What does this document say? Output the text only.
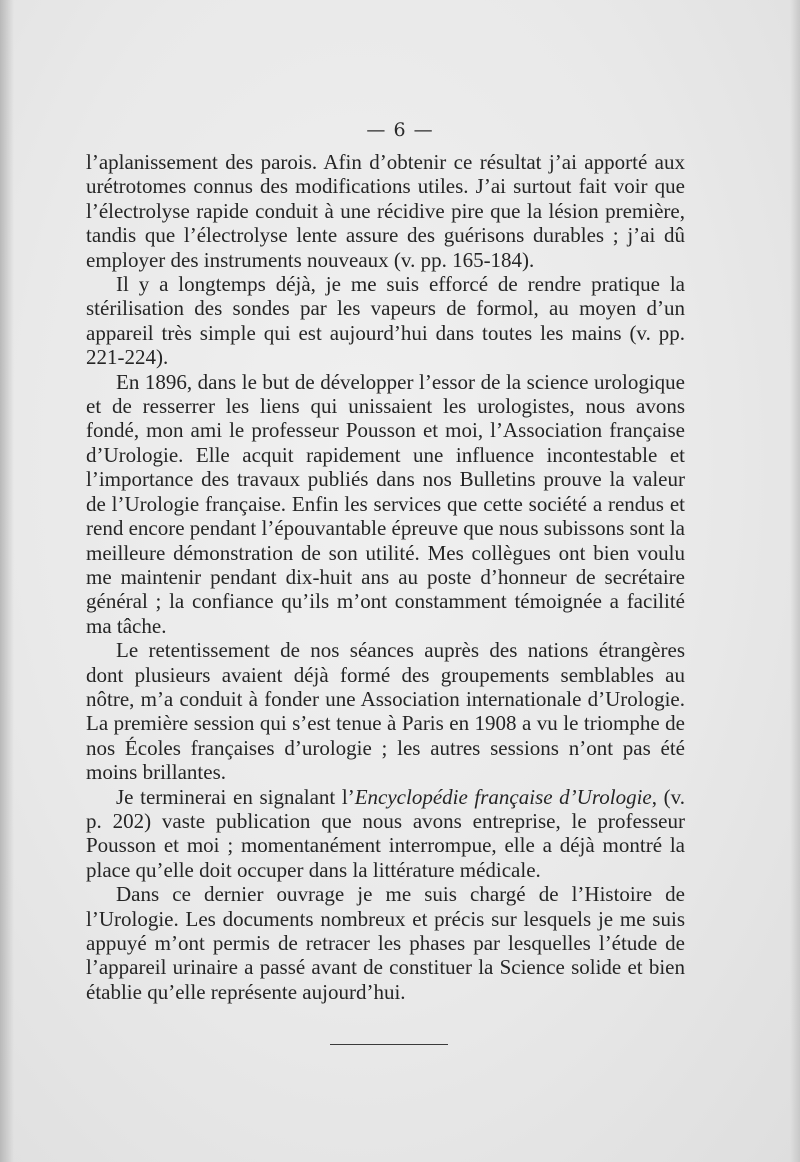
— 6 —

l’aplanissement des parois. Afin d’obtenir ce résultat j’ai apporté aux urétrotomes connus des modifications utiles. J’ai surtout fait voir que l’électrolyse rapide conduit à une récidive pire que la lésion première, tandis que l’électrolyse lente assure des guérisons durables ; j’ai dû employer des instruments nouveaux (v. pp. 165-184).

Il y a longtemps déjà, je me suis efforcé de rendre pratique la stérilisation des sondes par les vapeurs de formol, au moyen d’un appareil très simple qui est aujourd’hui dans toutes les mains (v. pp. 221-224).

En 1896, dans le but de développer l’essor de la science urologique et de resserrer les liens qui unissaient les urologistes, nous avons fondé, mon ami le professeur Pousson et moi, l’Association française d’Urologie. Elle acquit rapidement une influence incontestable et l’importance des travaux publiés dans nos Bulletins prouve la valeur de l’Urologie française. Enfin les services que cette société a rendus et rend encore pendant l’épouvantable épreuve que nous subissons sont la meilleure démonstration de son utilité. Mes collègues ont bien voulu me maintenir pendant dix-huit ans au poste d’honneur de secrétaire général ; la confiance qu’ils m’ont constamment témoignée a facilité ma tâche.

Le retentissement de nos séances auprès des nations étrangères dont plusieurs avaient déjà formé des groupements semblables au nôtre, m’a conduit à fonder une Association internationale d’Urologie. La première session qui s’est tenue à Paris en 1908 a vu le triomphe de nos Écoles françaises d’urologie ; les autres sessions n’ont pas été moins brillantes.

Je terminerai en signalant l’Encyclopédie française d’Urologie, (v. p. 202) vaste publication que nous avons entreprise, le professeur Pousson et moi ; momentanément interrompue, elle a déjà montré la place qu’elle doit occuper dans la littérature médicale.

Dans ce dernier ouvrage je me suis chargé de l’Histoire de l’Urologie. Les documents nombreux et précis sur lesquels je me suis appuyé m’ont permis de retracer les phases par lesquelles l’étude de l’appareil urinaire a passé avant de constituer la Science solide et bien établie qu’elle représente aujourd’hui.
